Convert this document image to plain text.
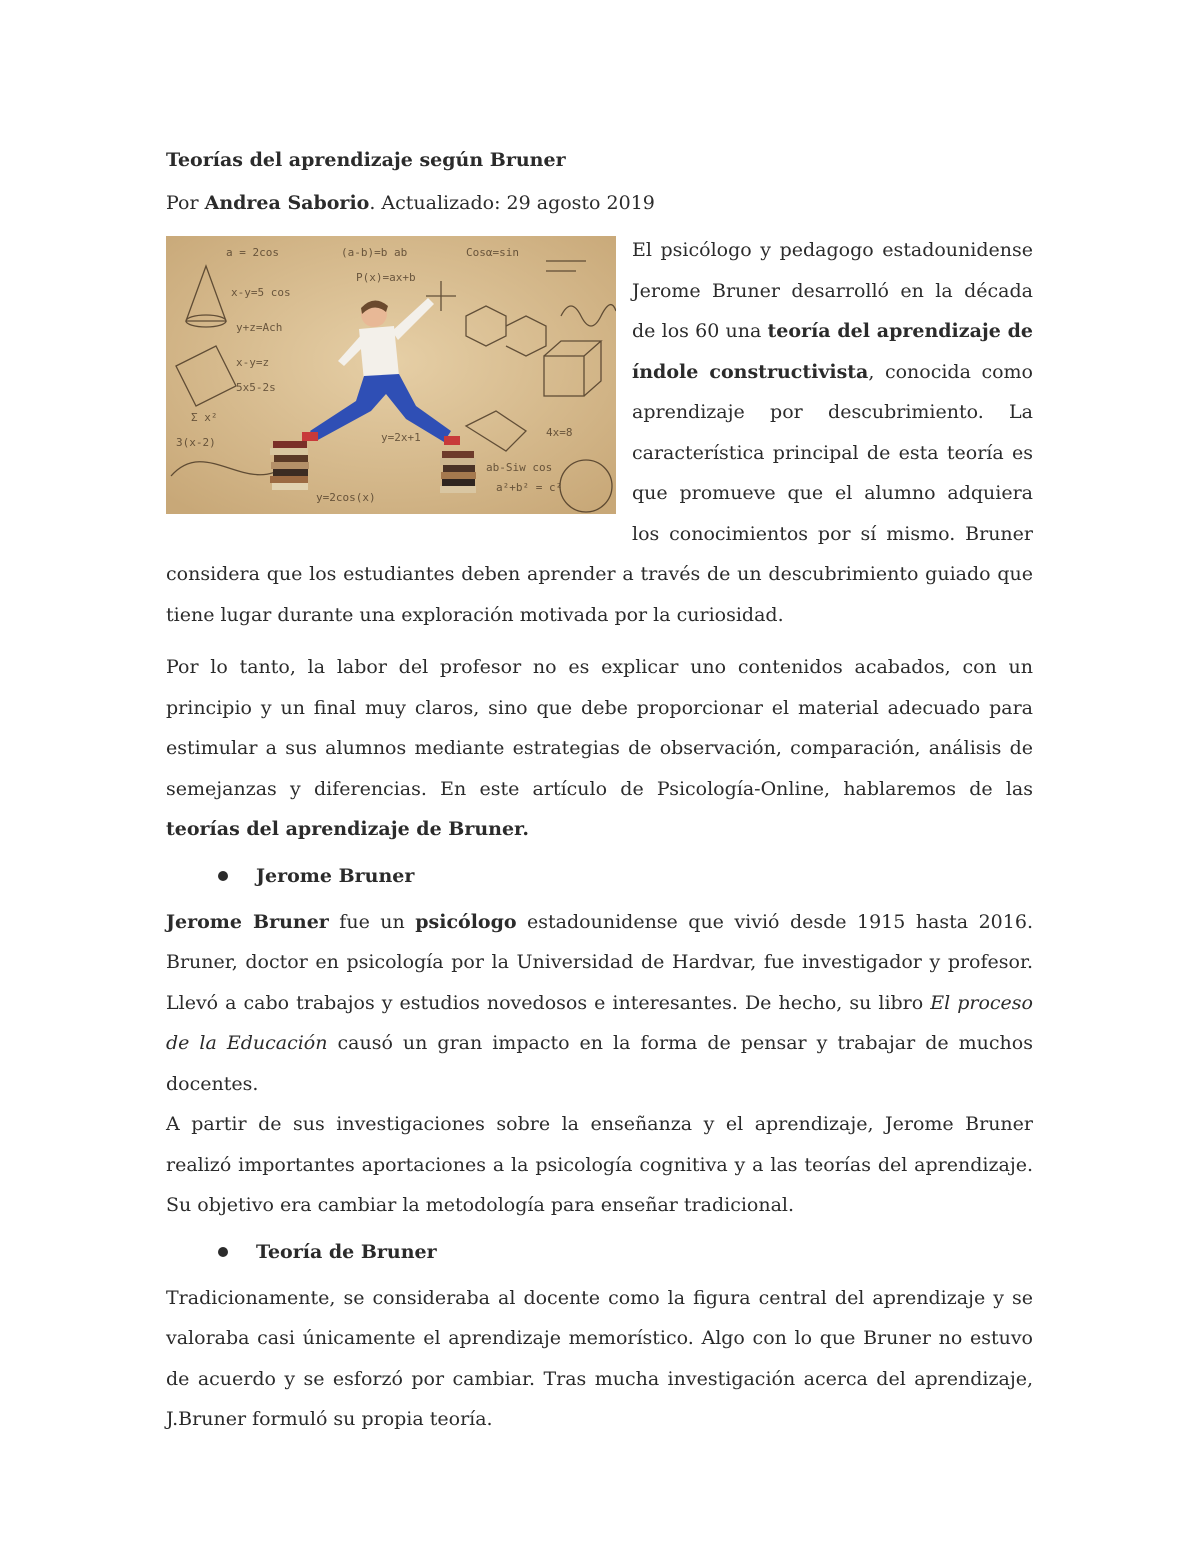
Teorías del aprendizaje según Bruner
Por Andrea Saborio. Actualizado: 29 agosto 2019
a = 2cos	(a-b)=b ab	Cosα=sin
x-y=5 cos
y+z=Ach
x-y=z
5x5-2s
3(x-2)	y=2x+1
ab-Siw cos
a²+b² = c²
y=2cos(x)
P(x)=ax+b
4x=8
Σ x²
El psicólogo y pedagogo estadounidense Jerome Bruner desarrolló en la década de los 60 una teoría del aprendizaje de índole constructivista, conocida como aprendizaje por descubrimiento. La característica principal de esta teoría es que promueve que el alumno adquiera los conocimientos por sí mismo. Bruner considera que los estudiantes deben aprender a través de un descubrimiento guiado que tiene lugar durante una exploración motivada por la curiosidad.

Por lo tanto, la labor del profesor no es explicar uno contenidos acabados, con un principio y un final muy claros, sino que debe proporcionar el material adecuado para estimular a sus alumnos mediante estrategias de observación, comparación, análisis de semejanzas y diferencias. En este artículo de Psicología-Online, hablaremos de las teorías del aprendizaje de Bruner.

Jerome Bruner

Jerome Bruner fue un psicólogo estadounidense que vivió desde 1915 hasta 2016. Bruner, doctor en psicología por la Universidad de Hardvar, fue investigador y profesor. Llevó a cabo trabajos y estudios novedosos e interesantes. De hecho, su libro El proceso de la Educación causó un gran impacto en la forma de pensar y trabajar de muchos docentes.

A partir de sus investigaciones sobre la enseñanza y el aprendizaje, Jerome Bruner realizó importantes aportaciones a la psicología cognitiva y a las teorías del aprendizaje. Su objetivo era cambiar la metodología para enseñar tradicional.

Teoría de Bruner

Tradicionamente, se consideraba al docente como la figura central del aprendizaje y se valoraba casi únicamente el aprendizaje memorístico. Algo con lo que Bruner no estuvo de acuerdo y se esforzó por cambiar. Tras mucha investigación acerca del aprendizaje, J.Bruner formuló su propia teoría.
